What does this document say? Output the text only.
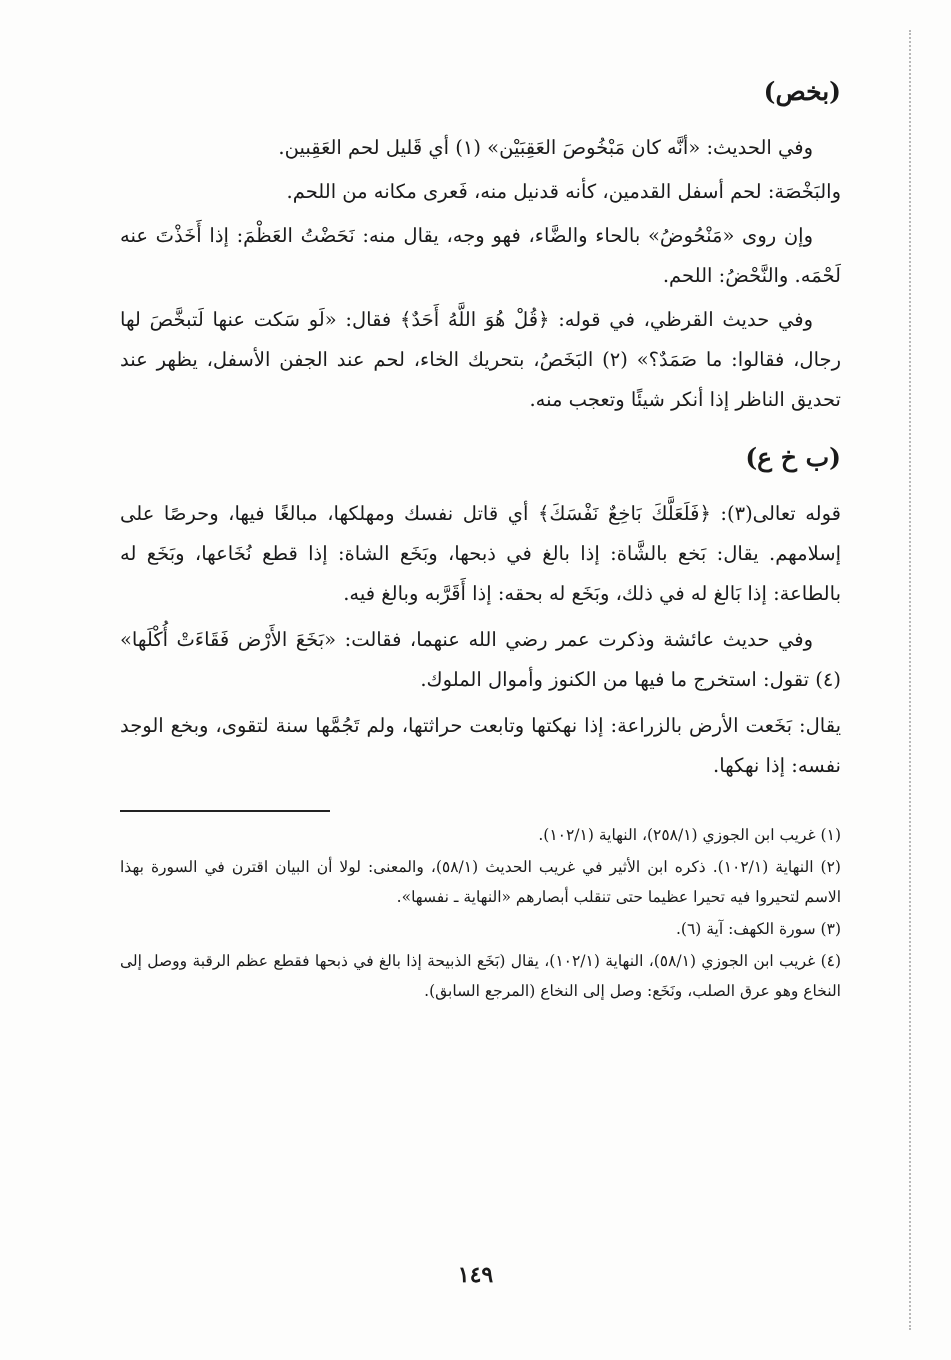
(بخص)

وفي الحديث: «أنَّه كان مَبْخُوصَ العَقِبَيْن» (١) أي قَليل لحم العَقِبين.

والبَخْصَة: لحم أسفل القدمين، كأنه قدنيل منه، فَعرى مكانه من اللحم.

وإن روى «مَنْحُوضُ» بالحاء والضَّاء، فهو وجه، يقال منه: نَحَضْتُ العَظْمَ: إذا أَخَذْتَ عنه لَحْمَه. والنَّحْضُ: اللحم.

وفي حديث القرظي، في قوله: ﴿قُلْ هُوَ اللَّهُ أَحَدٌ﴾ فقال: «لَو سَكت عنها لَتبخَّصَ لها رجال، فقالوا: ما صَمَدٌ؟» (٢) البَخَصُ، بتحريك الخاء، لحم عند الجفن الأسفل، يظهر عند تحديق الناظر إذا أنكر شيئًا وتعجب منه.

(ب خ ع)

قوله تعالى(٣): ﴿فَلَعَلَّكَ بَاخِعٌ نَفْسَكَ﴾ أي قاتل نفسك ومهلكها، مبالغًا فيها، وحرصًا على إسلامهم. يقال: بَخع بالشَّاة: إذا بالغ في ذبحها، وبَخَع الشاة: إذا قطع نُخَاعها، وبَخَع له بالطاعة: إذا بَالغ له في ذلك، وبَخَع له بحقه: إذا أَقَرَّبه وبالغ فيه.

وفي حديث عائشة وذكرت عمر رضي الله عنهما، فقالت: «بَخَعَ الأَرْض فَقَاءَتْ أُكْلَها» (٤) تقول: استخرج ما فيها من الكنوز وأموال الملوك.

يقال: بَخَعت الأرض بالزراعة: إذا نهكتها وتابعت حراثتها، ولم تَجُمَّها سنة لتقوى، وبخع الوجد نفسه: إذا نهكها.

(١) غريب ابن الجوزي (٢٥٨/١)، النهاية (١٠٢/١).

(٢) النهاية (١٠٢/١). ذكره ابن الأثير في غريب الحديث (٥٨/١)، والمعنى: لولا أن البيان اقترن في السورة بهذا الاسم لتحيروا فيه تحيرا عظيما حتى تنقلب أبصارهم «النهاية ـ نفسها».

(٣) سورة الكهف: آية (٦).

(٤) غريب ابن الجوزي (٥٨/١)، النهاية (١٠٢/١)، يقال (بَخَع الذبيحة إذا بالغ في ذبحها فقطع عظم الرقبة ووصل إلى النخاع وهو عرق الصلب، ونَخَع: وصل إلى النخاع (المرجع السابق).

١٤٩
